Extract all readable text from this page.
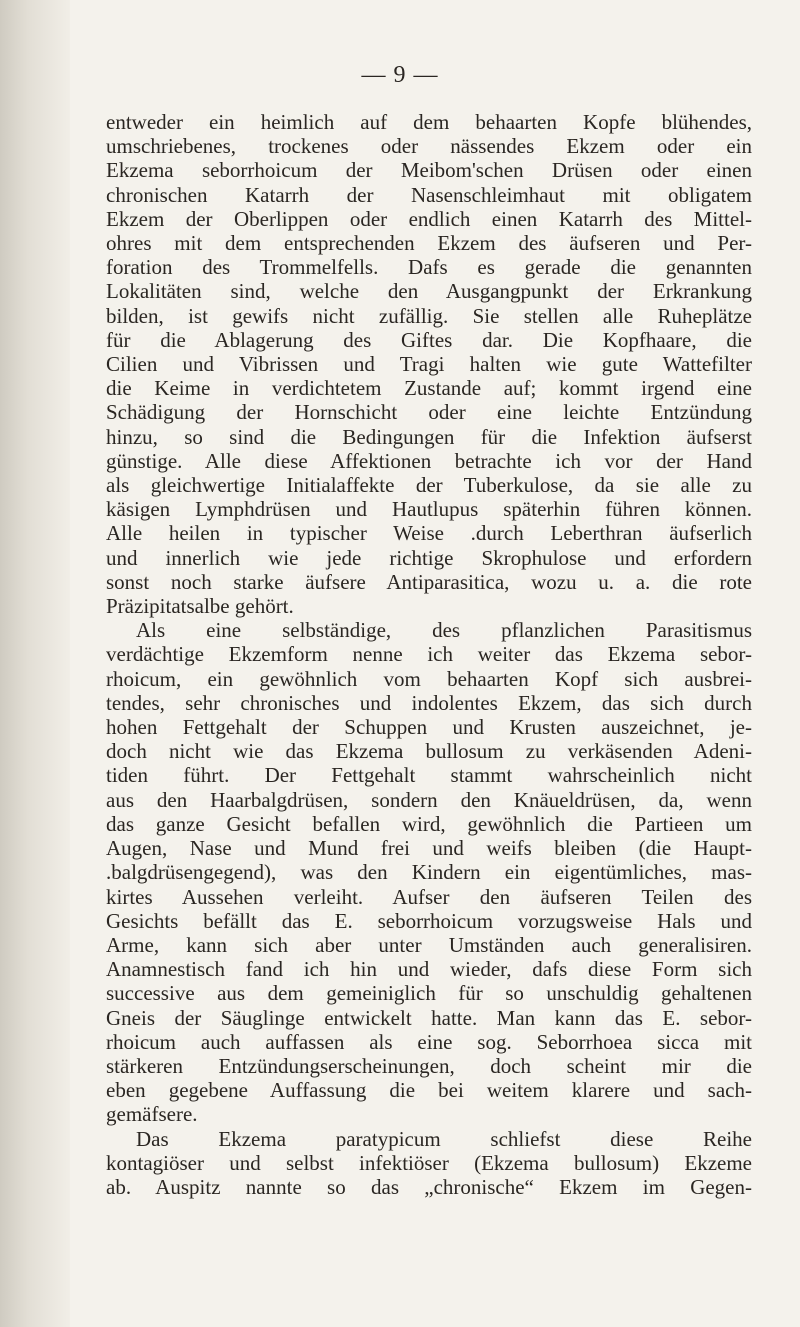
— 9 —
entweder ein heimlich auf dem behaarten Kopfe blühendes,
umschriebenes, trockenes oder nässendes Ekzem oder ein
Ekzema seborrhoicum der Meibom'schen Drüsen oder einen
chronischen Katarrh der Nasenschleimhaut mit obligatem
Ekzem der Oberlippen oder endlich einen Katarrh des Mittel-
ohres mit dem entsprechenden Ekzem des äufseren und Per-
foration des Trommelfells. Dafs es gerade die genannten
Lokalitäten sind, welche den Ausgangpunkt der Erkrankung
bilden, ist gewifs nicht zufällig. Sie stellen alle Ruheplätze
für die Ablagerung des Giftes dar. Die Kopfhaare, die
Cilien und Vibrissen und Tragi halten wie gute Wattefilter
die Keime in verdichtetem Zustande auf; kommt irgend eine
Schädigung der Hornschicht oder eine leichte Entzündung
hinzu, so sind die Bedingungen für die Infektion äufserst
günstige. Alle diese Affektionen betrachte ich vor der Hand
als gleichwertige Initialaffekte der Tuberkulose, da sie alle zu
käsigen Lymphdrüsen und Hautlupus späterhin führen können.
Alle heilen in typischer Weise .durch Leberthran äufserlich
und innerlich wie jede richtige Skrophulose und erfordern
sonst noch starke äufsere Antiparasitica, wozu u. a. die rote
Präzipitatsalbe gehört.
Als eine selbständige, des pflanzlichen Parasitismus
verdächtige Ekzemform nenne ich weiter das Ekzema sebor-
rhoicum, ein gewöhnlich vom behaarten Kopf sich ausbrei-
tendes, sehr chronisches und indolentes Ekzem, das sich durch
hohen Fettgehalt der Schuppen und Krusten auszeichnet, je-
doch nicht wie das Ekzema bullosum zu verkäsenden Adeni-
tiden führt. Der Fettgehalt stammt wahrscheinlich nicht
aus den Haarbalgdrüsen, sondern den Knäueldrüsen, da, wenn
das ganze Gesicht befallen wird, gewöhnlich die Partieen um
Augen, Nase und Mund frei und weifs bleiben (die Haupt-
.balgdrüsengegend), was den Kindern ein eigentümliches, mas-
kirtes Aussehen verleiht. Aufser den äufseren Teilen des
Gesichts befällt das E. seborrhoicum vorzugsweise Hals und
Arme, kann sich aber unter Umständen auch generalisiren.
Anamnestisch fand ich hin und wieder, dafs diese Form sich
successive aus dem gemeiniglich für so unschuldig gehaltenen
Gneis der Säuglinge entwickelt hatte. Man kann das E. sebor-
rhoicum auch auffassen als eine sog. Seborrhoea sicca mit
stärkeren Entzündungserscheinungen, doch scheint mir die
eben gegebene Auffassung die bei weitem klarere und sach-
gemäfsere.
Das Ekzema paratypicum schliefst diese Reihe
kontagiöser und selbst infektiöser (Ekzema bullosum) Ekzeme
ab. Auspitz nannte so das „chronische“ Ekzem im Gegen-
